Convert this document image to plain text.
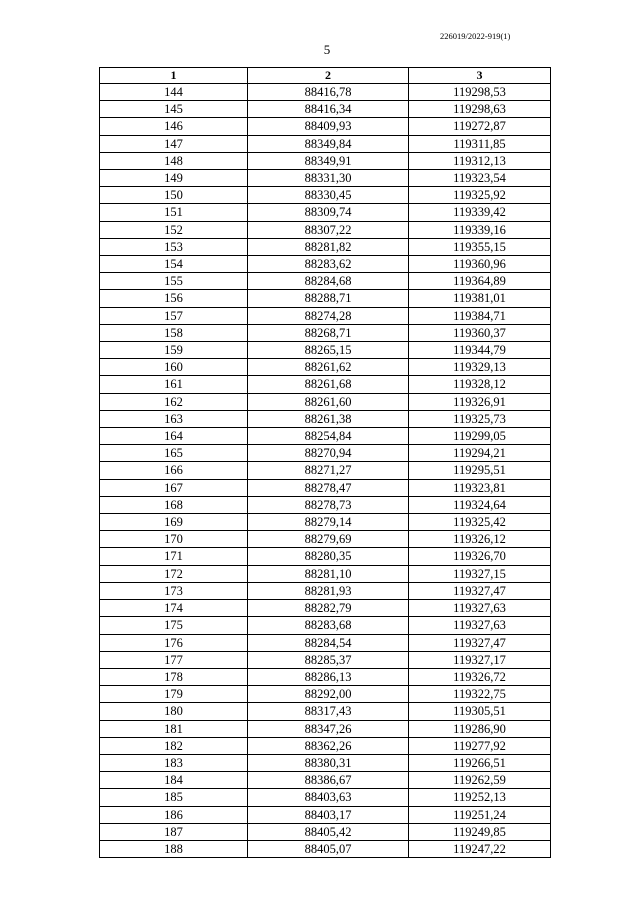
226019/2022-919(1)
5
1	2	3
144	88416,78	119298,53
145	88416,34	119298,63
146	88409,93	119272,87
147	88349,84	119311,85
148	88349,91	119312,13
149	88331,30	119323,54
150	88330,45	119325,92
151	88309,74	119339,42
152	88307,22	119339,16
153	88281,82	119355,15
154	88283,62	119360,96
155	88284,68	119364,89
156	88288,71	119381,01
157	88274,28	119384,71
158	88268,71	119360,37
159	88265,15	119344,79
160	88261,62	119329,13
161	88261,68	119328,12
162	88261,60	119326,91
163	88261,38	119325,73
164	88254,84	119299,05
165	88270,94	119294,21
166	88271,27	119295,51
167	88278,47	119323,81
168	88278,73	119324,64
169	88279,14	119325,42
170	88279,69	119326,12
171	88280,35	119326,70
172	88281,10	119327,15
173	88281,93	119327,47
174	88282,79	119327,63
175	88283,68	119327,63
176	88284,54	119327,47
177	88285,37	119327,17
178	88286,13	119326,72
179	88292,00	119322,75
180	88317,43	119305,51
181	88347,26	119286,90
182	88362,26	119277,92
183	88380,31	119266,51
184	88386,67	119262,59
185	88403,63	119252,13
186	88403,17	119251,24
187	88405,42	119249,85
188	88405,07	119247,22
